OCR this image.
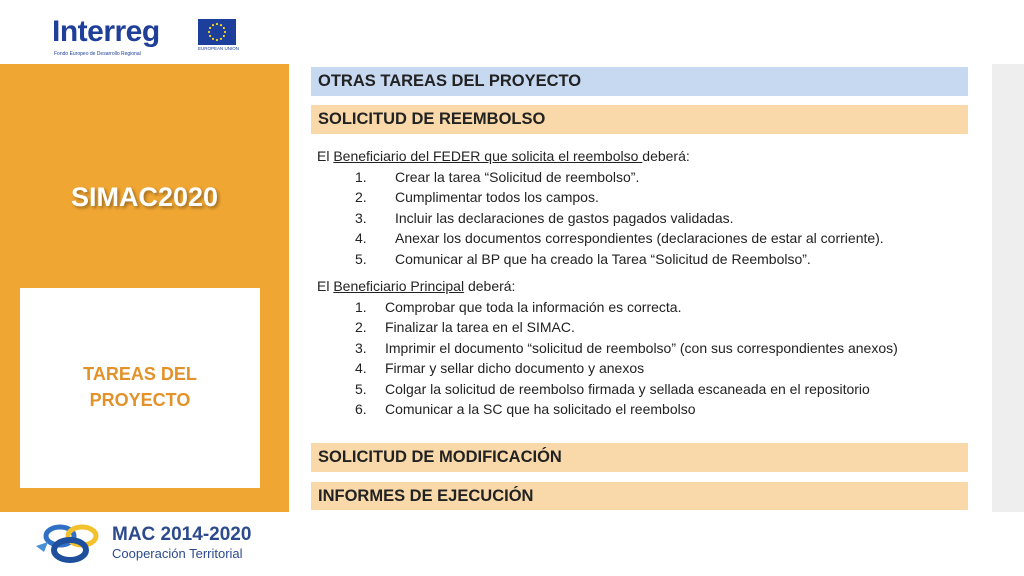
Interreg
Fondo Europeo de Desarrollo Regional
EUROPEAN UNION
SIMAC2020
TAREAS DEL
PROYECTO
OTRAS TAREAS DEL PROYECTO
SOLICITUD DE REEMBOLSO
El Beneficiario del FEDER que solicita el reembolso deberá:
1. Crear la tarea “Solicitud de reembolso”.
2. Cumplimentar todos los campos.
3. Incluir las declaraciones de gastos pagados validadas.
4. Anexar los documentos correspondientes (declaraciones de estar al corriente).
5. Comunicar al BP que ha creado la Tarea “Solicitud de Reembolso”.
El Beneficiario Principal deberá:
1. Comprobar que toda la información es correcta.
2. Finalizar la tarea en el SIMAC.
3. Imprimir el documento “solicitud de reembolso” (con sus correspondientes anexos)
4. Firmar y sellar dicho documento y anexos
5. Colgar la solicitud de reembolso firmada y sellada escaneada en el repositorio
6. Comunicar a la SC que ha solicitado el reembolso
SOLICITUD DE MODIFICACIÓN
INFORMES DE EJECUCIÓN
MAC 2014-2020
Cooperación Territorial
